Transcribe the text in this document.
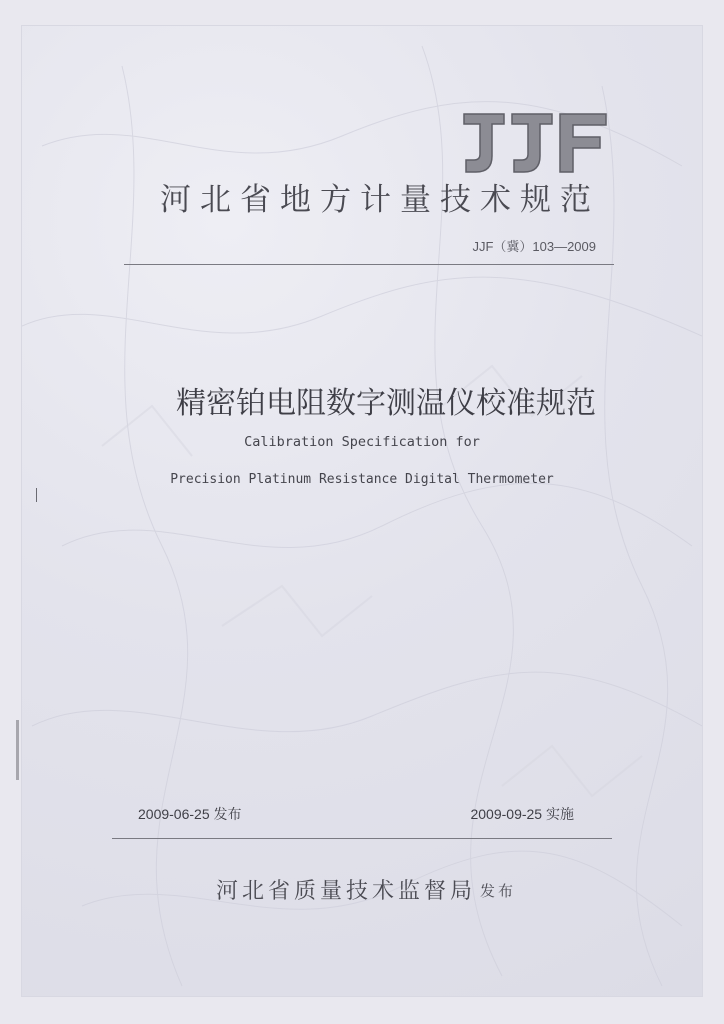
河北省地方计量技术规范
JJF（冀）103—2009
精密铂电阻数字测温仪校准规范
Calibration Specification for
Precision Platinum Resistance Digital Thermometer
2009-06-25 发布	2009-09-25 实施
河北省质量技术监督局 发布
